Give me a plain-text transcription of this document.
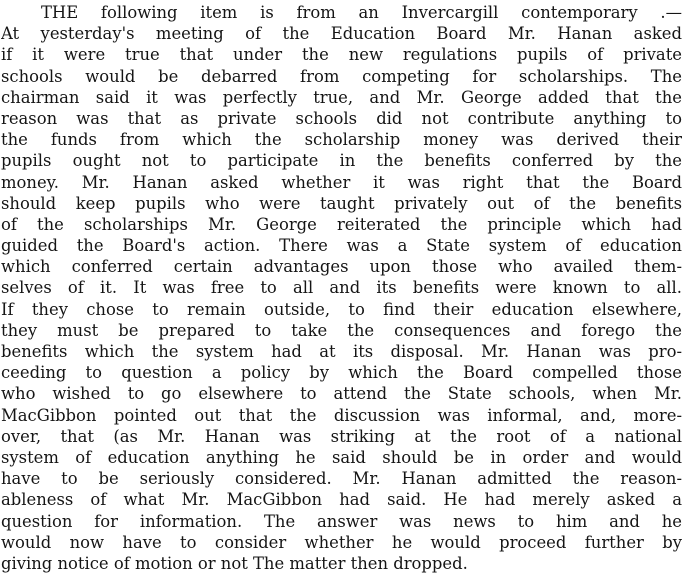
THE following item is from an Invercargill contemporary .—
At yesterday's meeting of the Education Board Mr. Hanan asked
if it were true that under the new regulations pupils of private
schools would be debarred from competing for scholarships. The
chairman said it was perfectly true, and Mr. George added that the
reason was that as private schools did not contribute anything to
the funds from which the scholarship money was derived their
pupils ought not to participate in the benefits conferred by the
money. Mr. Hanan asked whether it was right that the Board
should keep pupils who were taught privately out of the benefits
of the scholarships Mr. George reiterated the principle which had
guided the Board's action. There was a State system of education
which conferred certain advantages upon those who availed them-
selves of it. It was free to all and its benefits were known to all.
If they chose to remain outside, to find their education elsewhere,
they must be prepared to take the consequences and forego the
benefits which the system had at its disposal. Mr. Hanan was pro-
ceeding to question a policy by which the Board compelled those
who wished to go elsewhere to attend the State schools, when Mr.
MacGibbon pointed out that the discussion was informal, and, more-
over, that (as Mr. Hanan was striking at the root of a national
system of education anything he said should be in order and would
have to be seriously considered. Mr. Hanan admitted the reason-
ableness of what Mr. MacGibbon had said. He had merely asked a
question for information. The answer was news to him and he
would now have to consider whether he would proceed further by
giving notice of motion or not The matter then dropped.
